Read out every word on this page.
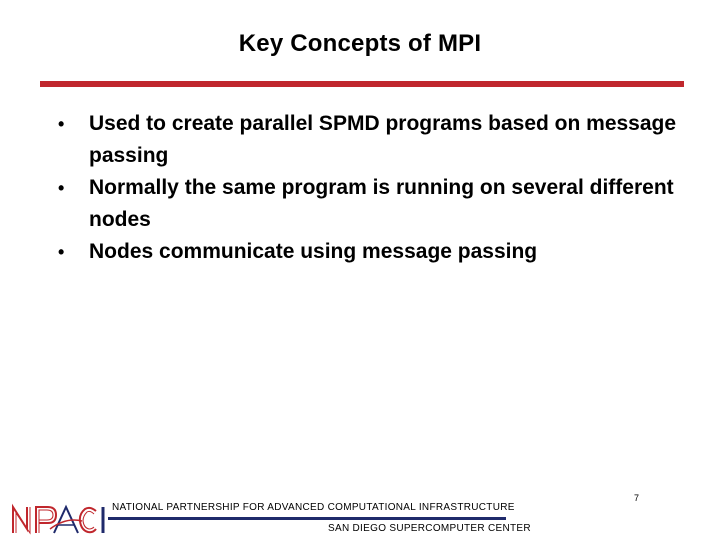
Key Concepts of MPI
• Used to create parallel SPMD programs based on message passing
• Normally the same program is running on several different nodes
• Nodes communicate using message passing
NATIONAL PARTNERSHIP FOR ADVANCED COMPUTATIONAL INFRASTRUCTURE
SAN DIEGO SUPERCOMPUTER CENTER
7
